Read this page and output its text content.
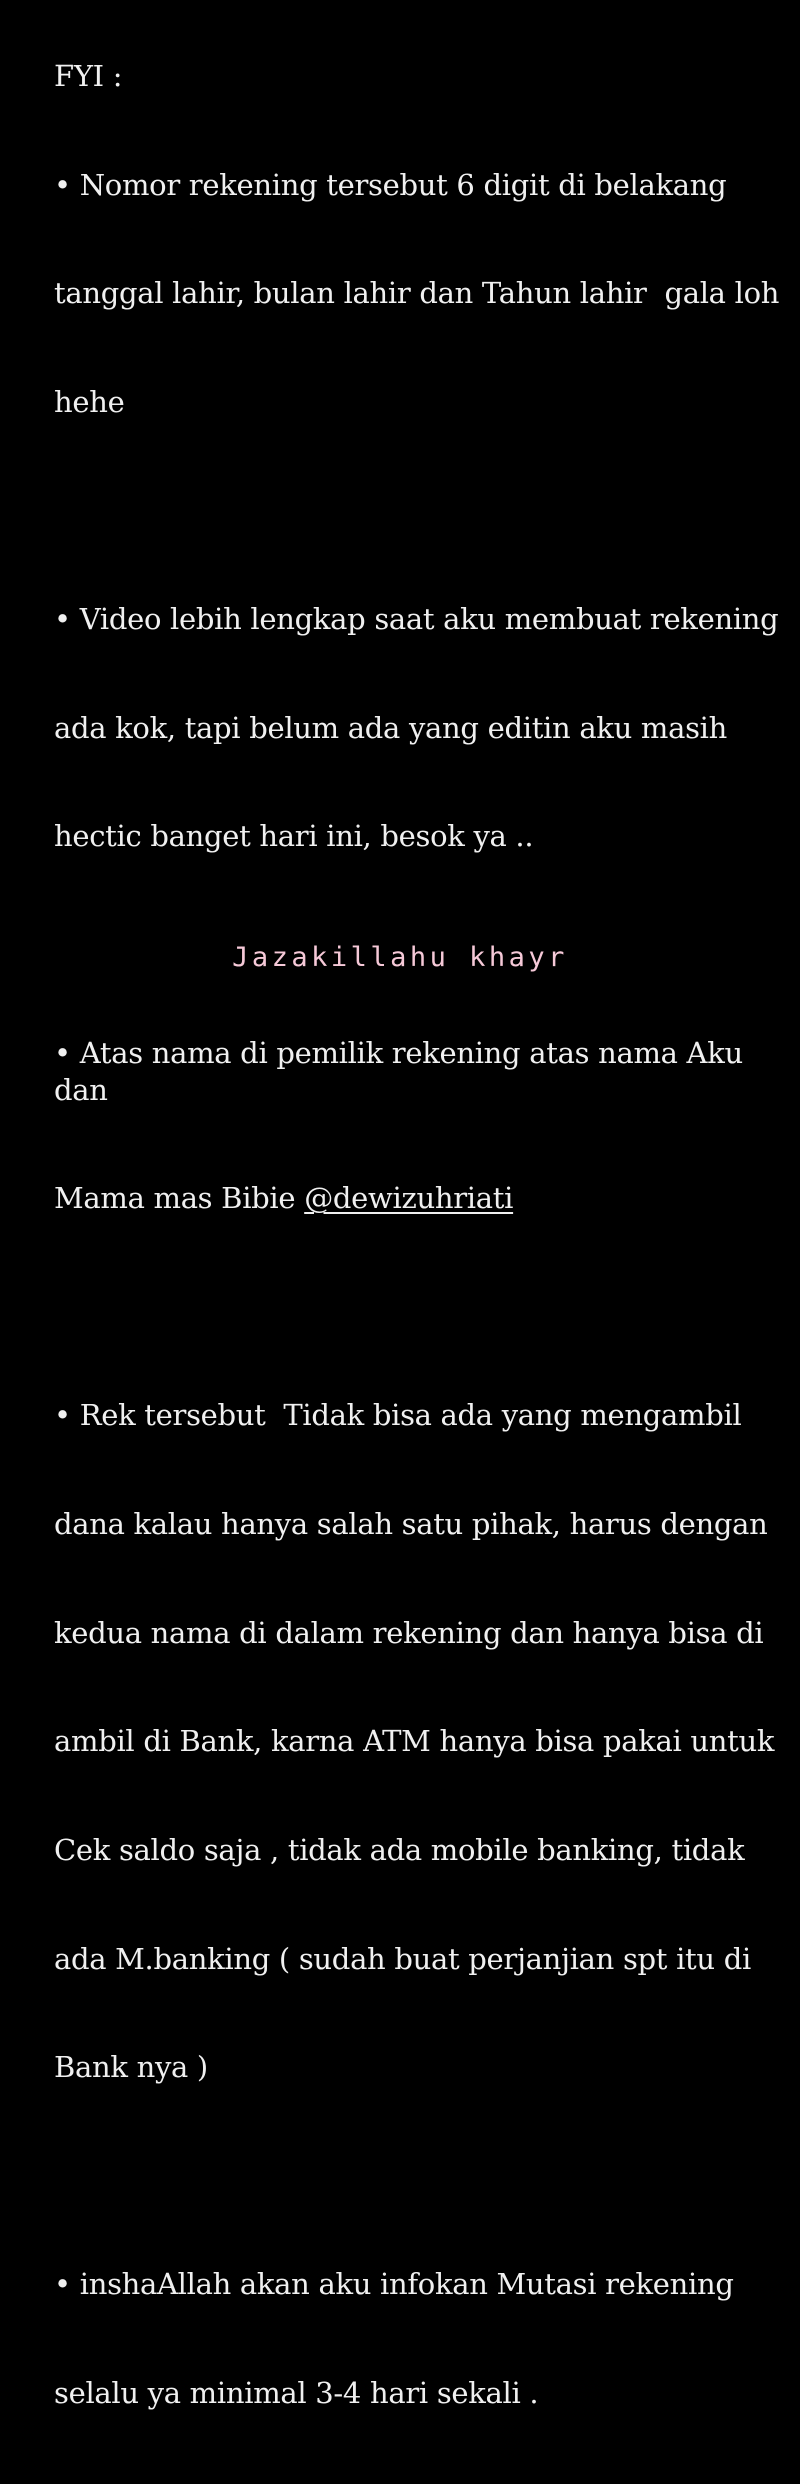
FYI :

• Nomor rekening tersebut 6 digit di belakang

tanggal lahir, bulan lahir dan Tahun lahir  gala loh

hehe

• Video lebih lengkap saat aku membuat rekening

ada kok, tapi belum ada yang editin aku masih

hectic banget hari ini, besok ya ..

• Atas nama di pemilik rekening atas nama Aku dan

Mama mas Bibie @dewizuhriati

• Rek tersebut  Tidak bisa ada yang mengambil

dana kalau hanya salah satu pihak, harus dengan

kedua nama di dalam rekening dan hanya bisa di

ambil di Bank, karna ATM hanya bisa pakai untuk

Cek saldo saja , tidak ada mobile banking, tidak

ada M.banking ( sudah buat perjanjian spt itu di

Bank nya )

• inshaAllah akan aku infokan Mutasi rekening

selalu ya minimal 3-4 hari sekali .

Jazakillahu khayr
